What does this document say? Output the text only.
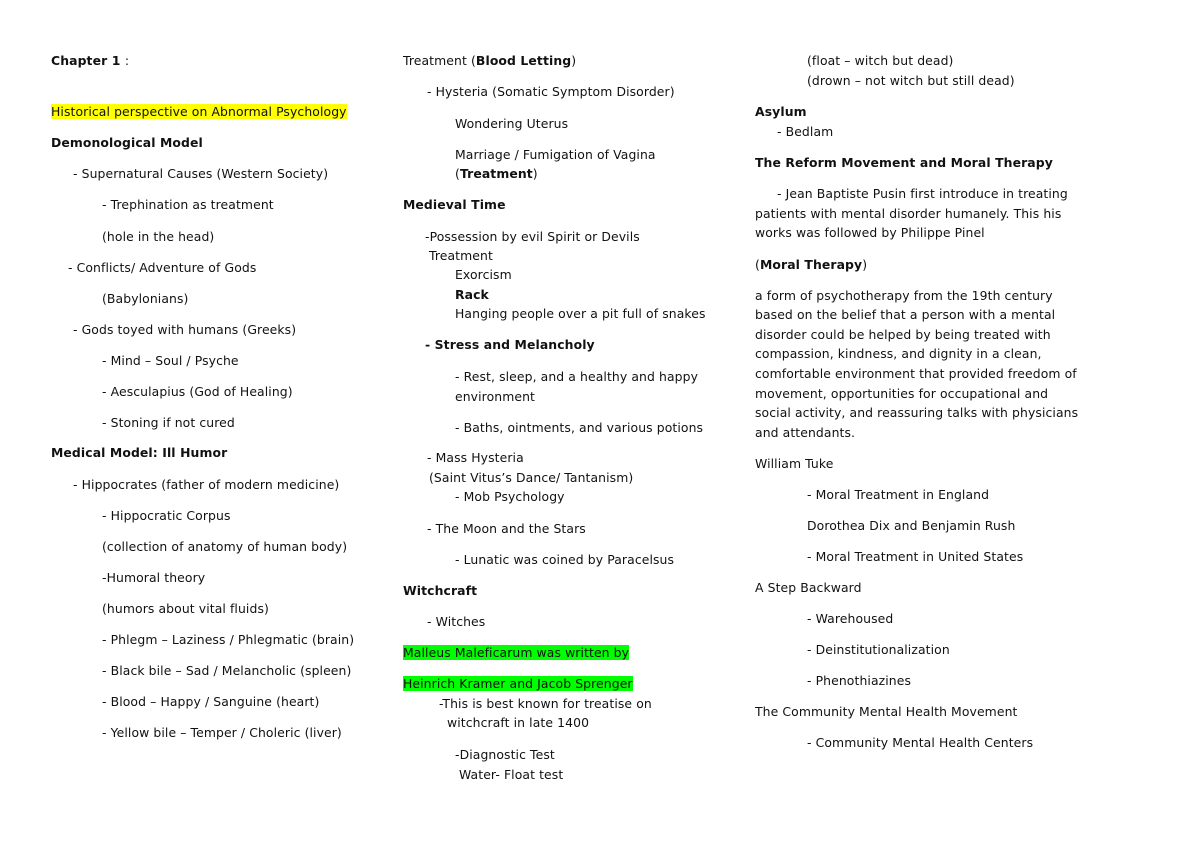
Chapter 1 :
Historical perspective on Abnormal Psychology
Demonological Model
- Supernatural Causes (Western Society)
- Trephination as treatment
(hole in the head)
- Conflicts/ Adventure of Gods
(Babylonians)
- Gods toyed with humans (Greeks)
- Mind – Soul / Psyche
- Aesculapius (God of Healing)
- Stoning if not cured
Medical Model: Ill Humor
- Hippocrates (father of modern medicine)
- Hippocratic Corpus
(collection of anatomy of human body)
-Humoral theory
(humors about vital fluids)
- Phlegm – Laziness / Phlegmatic (brain)
- Black bile – Sad / Melancholic (spleen)
- Blood – Happy / Sanguine (heart)
- Yellow bile – Temper / Choleric (liver)
Treatment (Blood Letting)
- Hysteria (Somatic Symptom Disorder)
Wondering Uterus
Marriage / Fumigation of Vagina
(Treatment)
Medieval Time
-Possession by evil Spirit or Devils
Treatment
Exorcism
Rack
Hanging people over a pit full of snakes
- Stress and Melancholy
- Rest, sleep, and a healthy and happy
environment
- Baths, ointments, and various potions
- Mass Hysteria
(Saint Vitus’s Dance/ Tantanism)
- Mob Psychology
- The Moon and the Stars
- Lunatic was coined by Paracelsus
Witchcraft
- Witches
Malleus Maleficarum was written by
Heinrich Kramer and Jacob Sprenger
-This is best known for treatise on
witchcraft in late 1400
-Diagnostic Test
Water- Float test
(float – witch but dead)
(drown – not witch but still dead)
Asylum
- Bedlam
The Reform Movement and Moral Therapy
- Jean Baptiste Pusin first introduce in treating
patients with mental disorder humanely. This his
works was followed by Philippe Pinel
(Moral Therapy)
a form of psychotherapy from the 19th century
based on the belief that a person with a mental
disorder could be helped by being treated with
compassion, kindness, and dignity in a clean,
comfortable environment that provided freedom of
movement, opportunities for occupational and
social activity, and reassuring talks with physicians
and attendants.
William Tuke
- Moral Treatment in England
Dorothea Dix and Benjamin Rush
- Moral Treatment in United States
A Step Backward
- Warehoused
- Deinstitutionalization
- Phenothiazines
The Community Mental Health Movement
- Community Mental Health Centers
